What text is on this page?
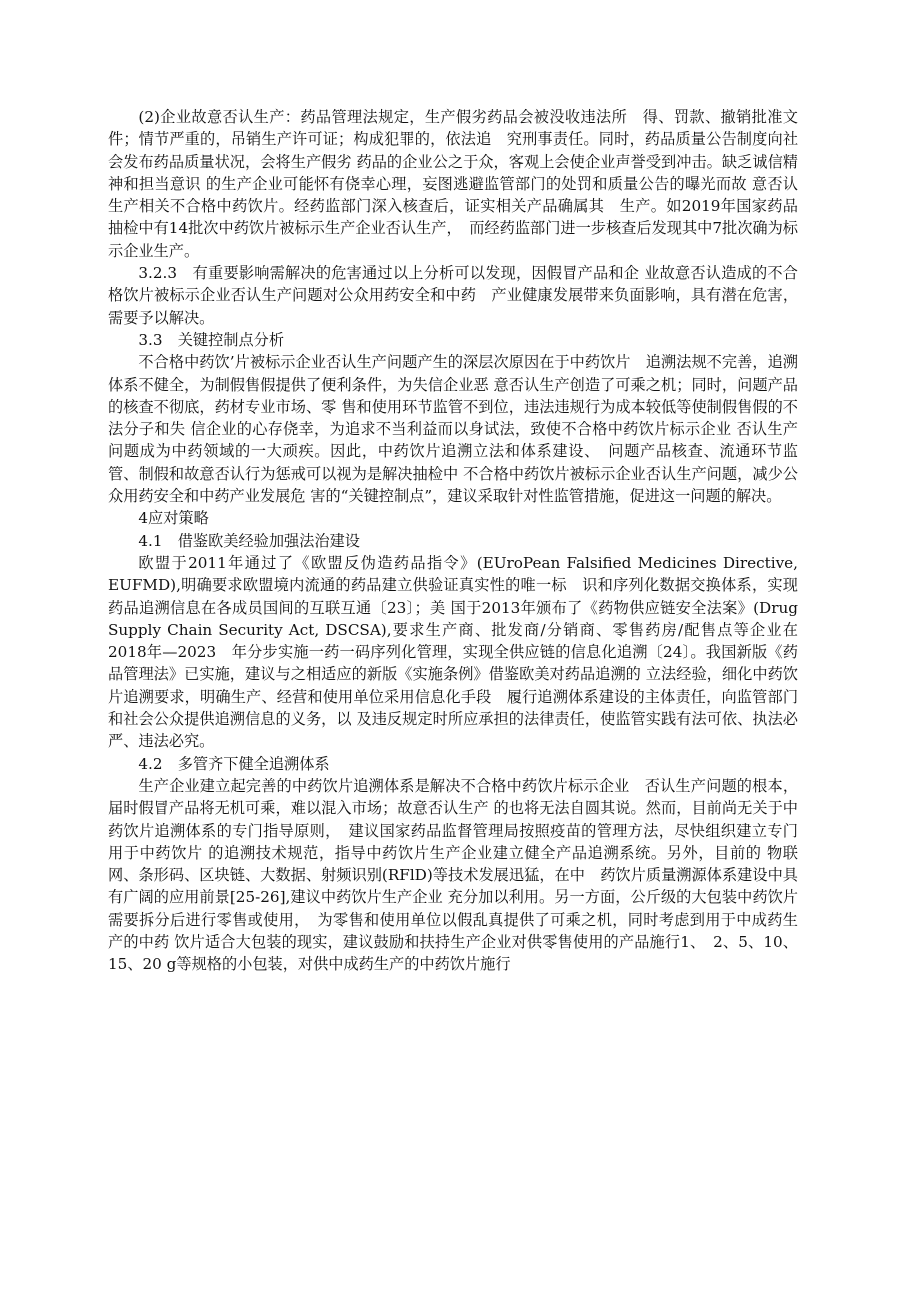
(2)企业故意否认生产：药品管理法规定，生产假劣药品会被没收违法所　得、罚款、撤销批准文件；情节严重的，吊销生产许可证；构成犯罪的，依法追　究刑事责任。同时，药品质量公告制度向社会发布药品质量状况，会将生产假劣 药品的企业公之于众，客观上会使企业声誉受到冲击。缺乏诚信精神和担当意识 的生产企业可能怀有侥幸心理，妄图逃避监管部门的处罚和质量公告的曝光而故 意否认生产相关不合格中药饮片。经药监部门深入核查后，证实相关产品确属其　生产。如2019年国家药品抽检中有14批次中药饮片被标示生产企业否认生产，　而经药监部门进一步核查后发现其中7批次确为标示企业生产。

3.2.3　有重要影响需解决的危害通过以上分析可以发现，因假冒产品和企 业故意否认造成的不合格饮片被标示企业否认生产问题对公众用药安全和中药　产业健康发展带来负面影响，具有潜在危害，需要予以解决。

3.3　关键控制点分析

不合格中药饮’片被标示企业否认生产问题产生的深层次原因在于中药饮片　追溯法规不完善，追溯体系不健全，为制假售假提供了便利条件，为失信企业恶 意否认生产创造了可乘之机；同时，问题产品的核查不彻底，药材专业市场、零 售和使用环节监管不到位，违法违规行为成本较低等使制假售假的不法分子和失 信企业的心存侥幸，为追求不当利益而以身试法，致使不合格中药饮片标示企业 否认生产问题成为中药领域的一大顽疾。因此，中药饮片追溯立法和体系建设、　问题产品核查、流通环节监管、制假和故意否认行为惩戒可以视为是解决抽检中 不合格中药饮片被标示企业否认生产问题，减少公众用药安全和中药产业发展危 害的“关键控制点”，建议采取针对性监管措施，促进这一问题的解决。

4应对策略

4.1　借鉴欧美经验加强法治建设

欧盟于2011年通过了《欧盟反伪造药品指令》(EUroPean Falsified Medicines Directive, EUFMD),明确要求欧盟境内流通的药品建立供验证真实性的唯一标　识和序列化数据交换体系，实现药品追溯信息在各成员国间的互联互通〔23〕；美 国于2013年颁布了《药物供应链安全法案》(Drug Supply Chain Security Act, DSCSA),要求生产商、批发商/分销商、零售药房/配售点等企业在2018年—2023　年分步实施一药一码序列化管理，实现全供应链的信息化追溯〔24〕。我国新版《药　品管理法》已实施，建议与之相适应的新版《实施条例》借鉴欧美对药品追溯的 立法经验，细化中药饮片追溯要求，明确生产、经营和使用单位采用信息化手段　履行追溯体系建设的主体责任，向监管部门和社会公众提供追溯信息的义务，以 及违反规定时所应承担的法律责任，使监管实践有法可依、执法必严、违法必究。

4.2　多管齐下健全追溯体系

生产企业建立起完善的中药饮片追溯体系是解决不合格中药饮片标示企业　否认生产问题的根本，届时假冒产品将无机可乘，难以混入市场；故意否认生产 的也将无法自圆其说。然而，目前尚无关于中药饮片追溯体系的专门指导原则，　建议国家药品监督管理局按照疫苗的管理方法，尽快组织建立专门用于中药饮片 的追溯技术规范，指导中药饮片生产企业建立健全产品追溯系统。另外，目前的 物联网、条形码、区块链、大数据、射频识别(RFlD)等技术发展迅猛，在中　药饮片质量溯源体系建设中具有广阔的应用前景[25-26],建议中药饮片生产企业 充分加以利用。另一方面，公斤级的大包装中药饮片需要拆分后进行零售或使用，　为零售和使用单位以假乱真提供了可乘之机，同时考虑到用于中成药生产的中药 饮片适合大包装的现实，建议鼓励和扶持生产企业对供零售使用的产品施行1、　2、5、10、15、20 g等规格的小包装，对供中成药生产的中药饮片施行
